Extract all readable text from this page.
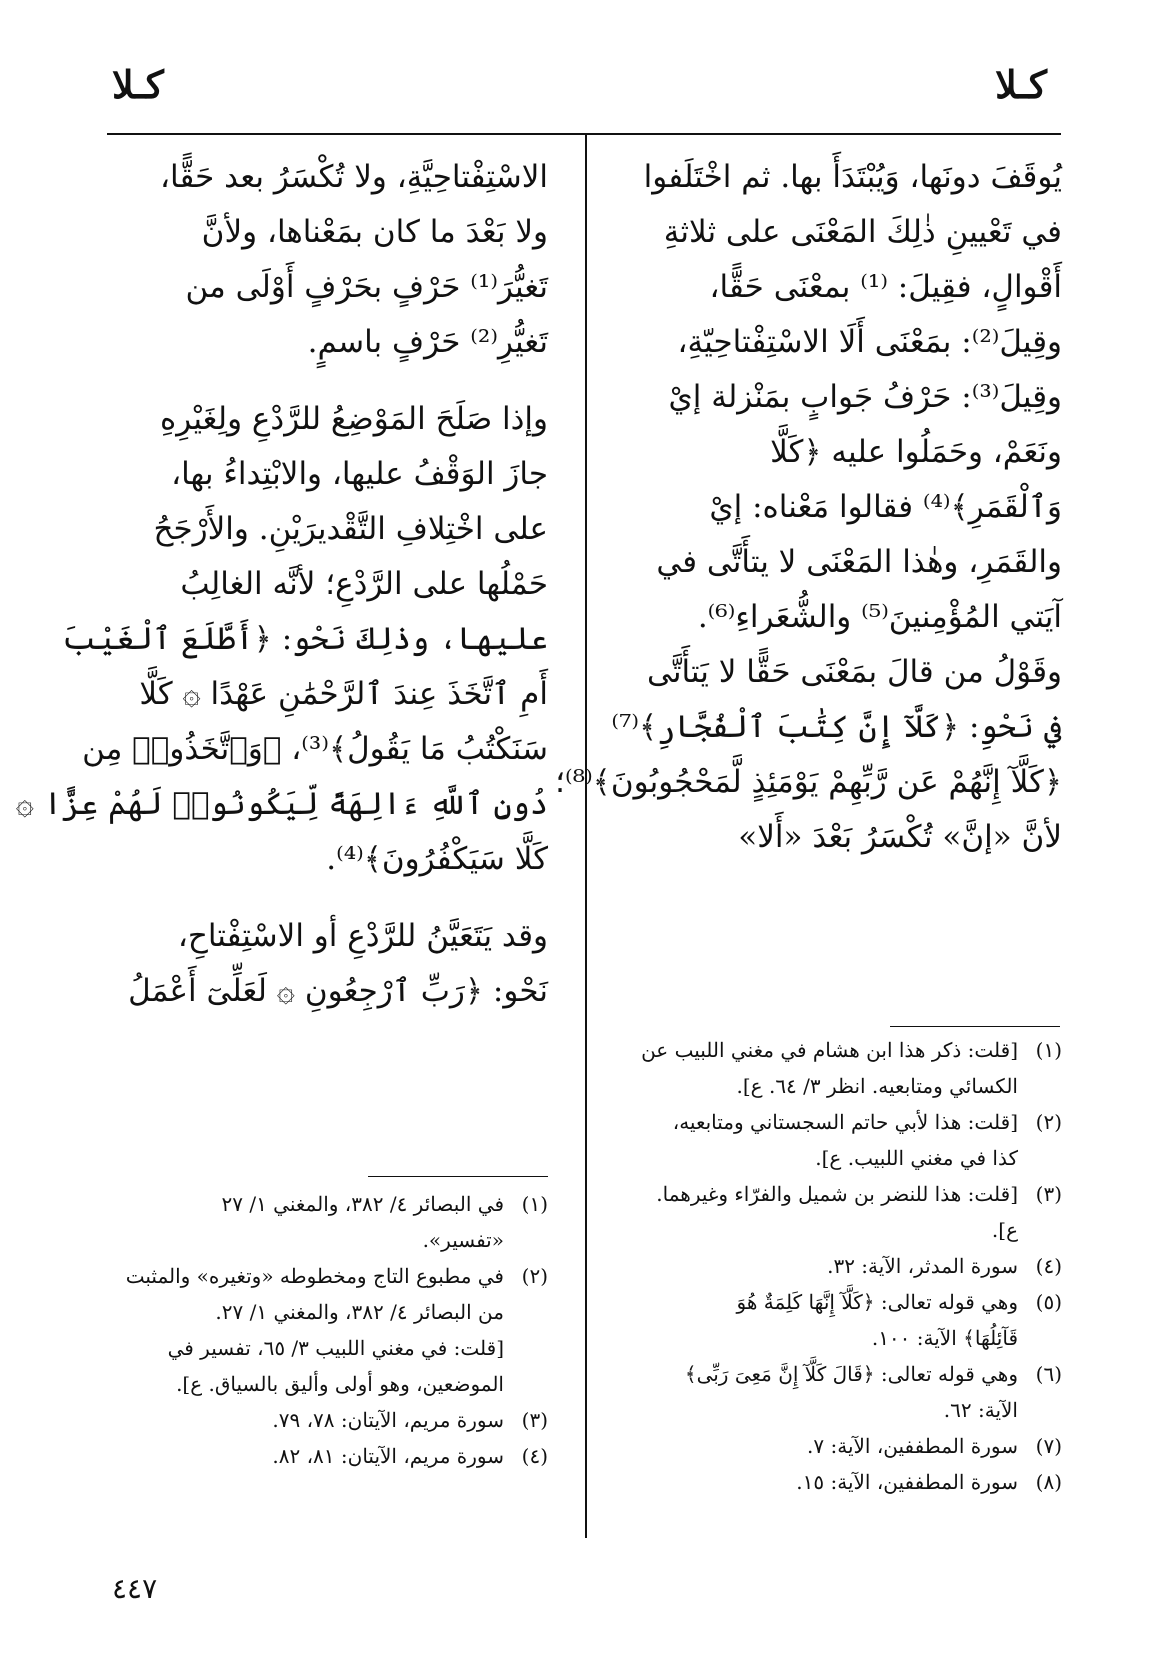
كـلا
كـلا
يُوقَفَ دونَها، وَيُبْتَدَأَ بها. ثم اخْتَلَفوا
في تَعْيينِ ذٰلِكَ المَعْنَى على ثلاثةِ
أَقْوالٍ، فقِيلَ: ⁽¹⁾ بمعْنَى حَقًّا،
وقِيلَ⁽²⁾: بمَعْنَى أَلَا الاسْتِفْتاحِيّةِ،
وقِيلَ⁽³⁾: حَرْفُ جَوابٍ بمَنْزلة إيْ
ونَعَمْ، وحَمَلُوا عليه ﴿كَلَّا
وَٱلْقَمَرِ﴾⁽⁴⁾ فقالوا مَعْناه: إيْ
والقَمَرِ، وهٰذا المَعْنَى لا يتأَتَّى في
آيَتي المُؤْمِنينَ⁽⁵⁾ والشُّعَراءِ⁽⁶⁾.
وقَوْلُ من قالَ بمَعْنَى حَقًّا لا يَتأَتَّى
في نَحْوِ: ﴿كَلَّآ إِنَّ كِتَٰبَ ٱلْفُجَّارِ﴾⁽⁷⁾
﴿كَلَّآ إِنَّهُمْ عَن رَّبِّهِمْ يَوْمَئِذٍ لَّمَحْجُوبُونَ﴾⁽⁸⁾؛
لأنَّ «إنَّ» تُكْسَرُ بَعْدَ «أَلا»
الاسْتِفْتاحِيَّةِ، ولا تُكْسَرُ بعد حَقًّا،
ولا بَعْدَ ما كان بمَعْناها، ولأنَّ
تَغيُّرَ⁽¹⁾ حَرْفٍ بحَرْفٍ أَوْلَى من
تَغيُّرِ⁽²⁾ حَرْفٍ باسمٍ.
وإذا صَلَحَ المَوْضِعُ للرَّدْعِ ولِغَيْرِهِ
جازَ الوَقْفُ عليها، والابْتِداءُ بها،
على اخْتِلافِ التَّقْديرَيْنِ. والأَرْجَحُ
حَمْلُها على الرَّدْعِ؛ لأنَّه الغالِبُ
عليها، وذٰلِكَ نَحْو: ﴿أَطَّلَعَ ٱلْغَيْبَ
أَمِ ٱتَّخَذَ عِندَ ٱلرَّحْمَٰنِ عَهْدًا ۞ كَلَّا
سَنَكْتُبُ مَا يَقُولُ﴾⁽³⁾، ﴿وَٱتَّخَذُوا۟ مِن
دُونِ ٱللَّهِ ءَالِهَةً لِّيَكُونُوا۟ لَهُمْ عِزًّا ۞
كَلَّا سَيَكْفُرُونَ﴾⁽⁴⁾.
وقد يَتَعَيَّنُ للرَّدْعِ أو الاسْتِفْتاحِ،
نَحْو: ﴿رَبِّ ٱرْجِعُونِ ۞ لَعَلِّىٓ أَعْمَلُ
(١)
[قلت: ذكر هذا ابن هشام في مغني اللبيب عن
الكسائي ومتابعيه. انظر ٣/ ٦٤. ع].
(٢)
[قلت: هذا لأبي حاتم السجستاني ومتابعيه،
كذا في مغني اللبيب. ع].
(٣)
[قلت: هذا للنضر بن شميل والفرّاء وغيرهما.
ع].
(٤)
سورة المدثر، الآية: ٣٢.
(٥)
وهي قوله تعالى: ﴿كَلَّآ إِنَّهَا كَلِمَةٌ هُوَ
قَآئِلُهَا﴾ الآية: ١٠٠.
(٦)
وهي قوله تعالى: ﴿قَالَ كَلَّآ إِنَّ مَعِىَ رَبِّى﴾
الآية: ٦٢.
(٧)
سورة المطففين، الآية: ٧.
(٨)
سورة المطففين، الآية: ١٥.
(١)
في البصائر ٤/ ٣٨٢، والمغني ١/ ٢٧
«تفسير».
(٢)
في مطبوع التاج ومخطوطه «وتغيره» والمثبت
من البصائر ٤/ ٣٨٢، والمغني ١/ ٢٧.
[قلت: في مغني اللبيب ٣/ ٦٥، تفسير في
الموضعين، وهو أولى وأليق بالسياق. ع].
(٣)
سورة مريم، الآيتان: ٧٨، ٧٩.
(٤)
سورة مريم، الآيتان: ٨١، ٨٢.
٤٤٧
